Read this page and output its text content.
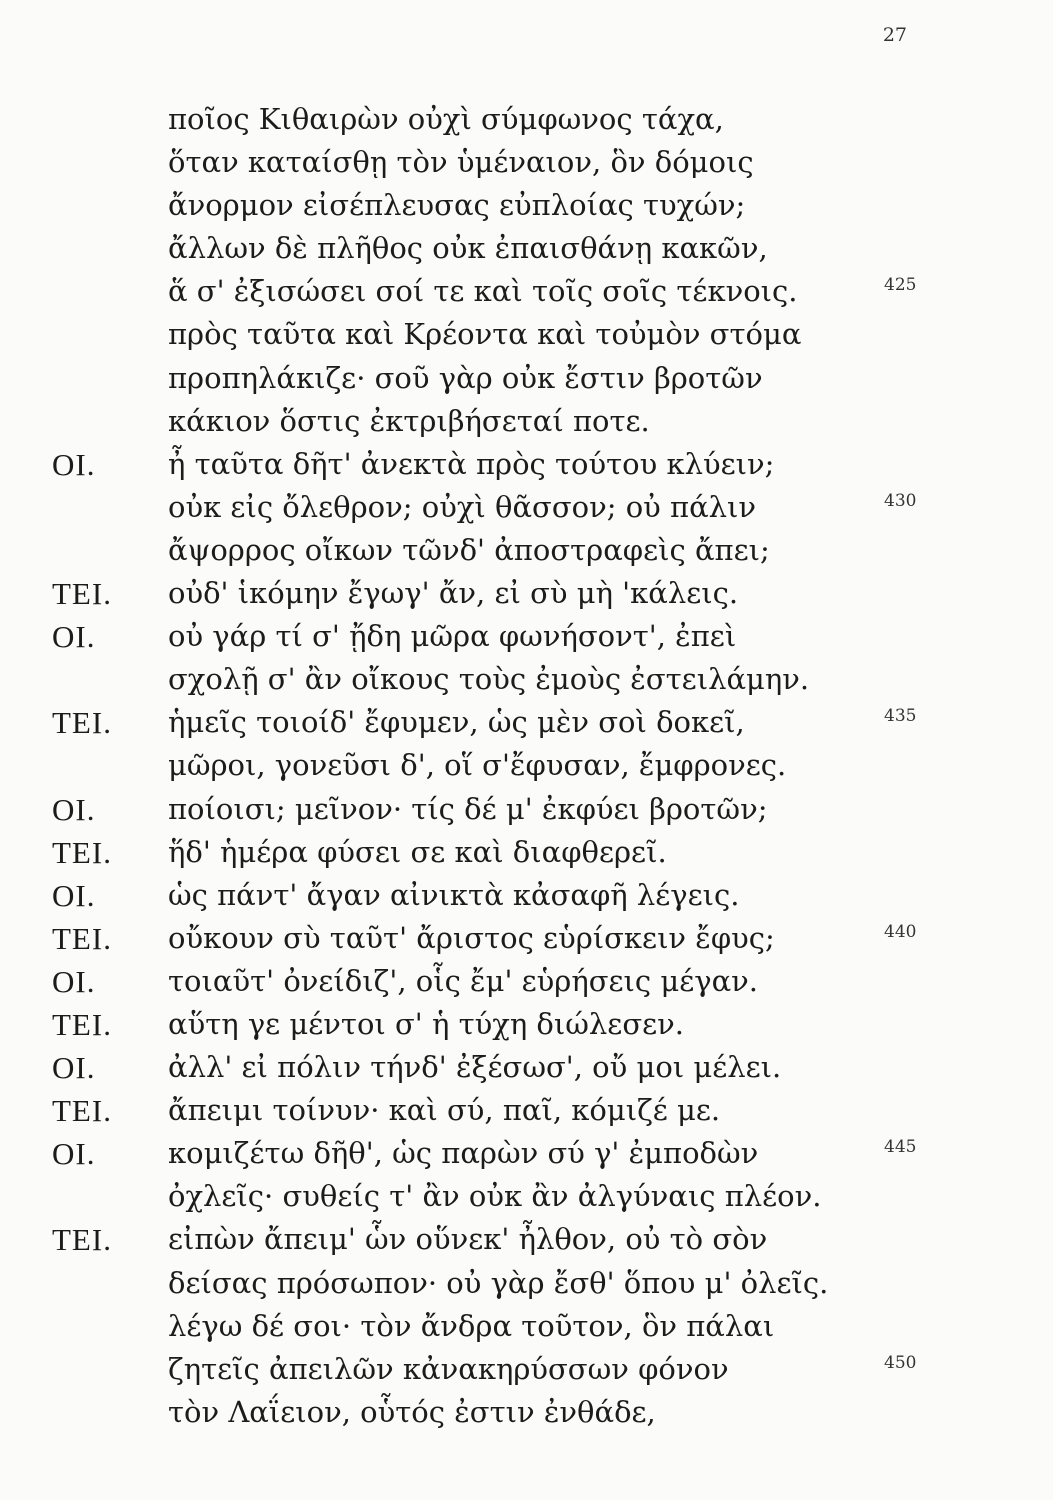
27
ποῖος Κιθαιρὼν οὐχὶ σύμφωνος τάχα,
ὅταν καταίσθῃ τὸν ὑμέναιον, ὃν δόμοις
ἄνορμον εἰσέπλευσας εὐπλοίας τυχών;
ἄλλων δὲ πλῆθος οὐκ ἐπαισθάνῃ κακῶν,
ἅ σ' ἐξισώσει σοί τε καὶ τοῖς σοῖς τέκνοις.	425
πρὸς ταῦτα καὶ Κρέοντα καὶ τοὐμὸν στόμα
προπηλάκιζε· σοῦ γὰρ οὐκ ἔστιν βροτῶν
κάκιον ὅστις ἐκτριβήσεταί ποτε.
ΟΙ.	ἦ ταῦτα δῆτ' ἀνεκτὰ πρὸς τούτου κλύειν;
οὐκ εἰς ὄλεθρον; οὐχὶ θᾶσσον; οὐ πάλιν	430
ἄψορρος οἴκων τῶνδ' ἀποστραφεὶς ἄπει;
ΤΕΙ. οὐδ' ἱκόμην ἔγωγ' ἄν, εἰ σὺ μὴ 'κάλεις.
ΟΙ.	οὐ γάρ τί σ' ᾔδη μῶρα φωνήσοντ', ἐπεὶ
σχολῇ σ' ἂν οἴκους τοὺς ἐμοὺς ἐστειλάμην.
ΤΕΙ. ἡμεῖς τοιοίδ' ἔφυμεν, ὡς μὲν σοὶ δοκεῖ,	435
μῶροι, γονεῦσι δ', οἵ σ'ἔφυσαν, ἔμφρονες.
ΟΙ.	ποίοισι; μεῖνον· τίς δέ μ' ἐκφύει βροτῶν;
ΤΕΙ. ἥδ' ἡμέρα φύσει σε καὶ διαφθερεῖ.
ΟΙ.	ὡς πάντ' ἄγαν αἰνικτὰ κἀσαφῆ λέγεις.
ΤΕΙ. οὔκουν σὺ ταῦτ' ἄριστος εὑρίσκειν ἔφυς;	440
ΟΙ.	τοιαῦτ' ὀνείδιζ', οἷς ἔμ' εὑρήσεις μέγαν.
ΤΕΙ. αὕτη γε μέντοι σ' ἡ τύχη διώλεσεν.
ΟΙ.	ἀλλ' εἰ πόλιν τήνδ' ἐξέσωσ', οὔ μοι μέλει.
ΤΕΙ. ἄπειμι τοίνυν· καὶ σύ, παῖ, κόμιζέ με.
ΟΙ.	κομιζέτω δῆθ', ὡς παρὼν σύ γ' ἐμποδὼν	445
ὀχλεῖς· συθείς τ' ἂν οὐκ ἂν ἀλγύναις πλέον.
ΤΕΙ. εἰπὼν ἄπειμ' ὧν οὕνεκ' ἦλθον, οὐ τὸ σὸν
δείσας πρόσωπον· οὐ γὰρ ἔσθ' ὅπου μ' ὀλεῖς.
λέγω δέ σοι· τὸν ἄνδρα τοῦτον, ὃν πάλαι
ζητεῖς ἀπειλῶν κἀνακηρύσσων φόνον	450
τὸν Λαΐειον, οὗτός ἐστιν ἐνθάδε,
